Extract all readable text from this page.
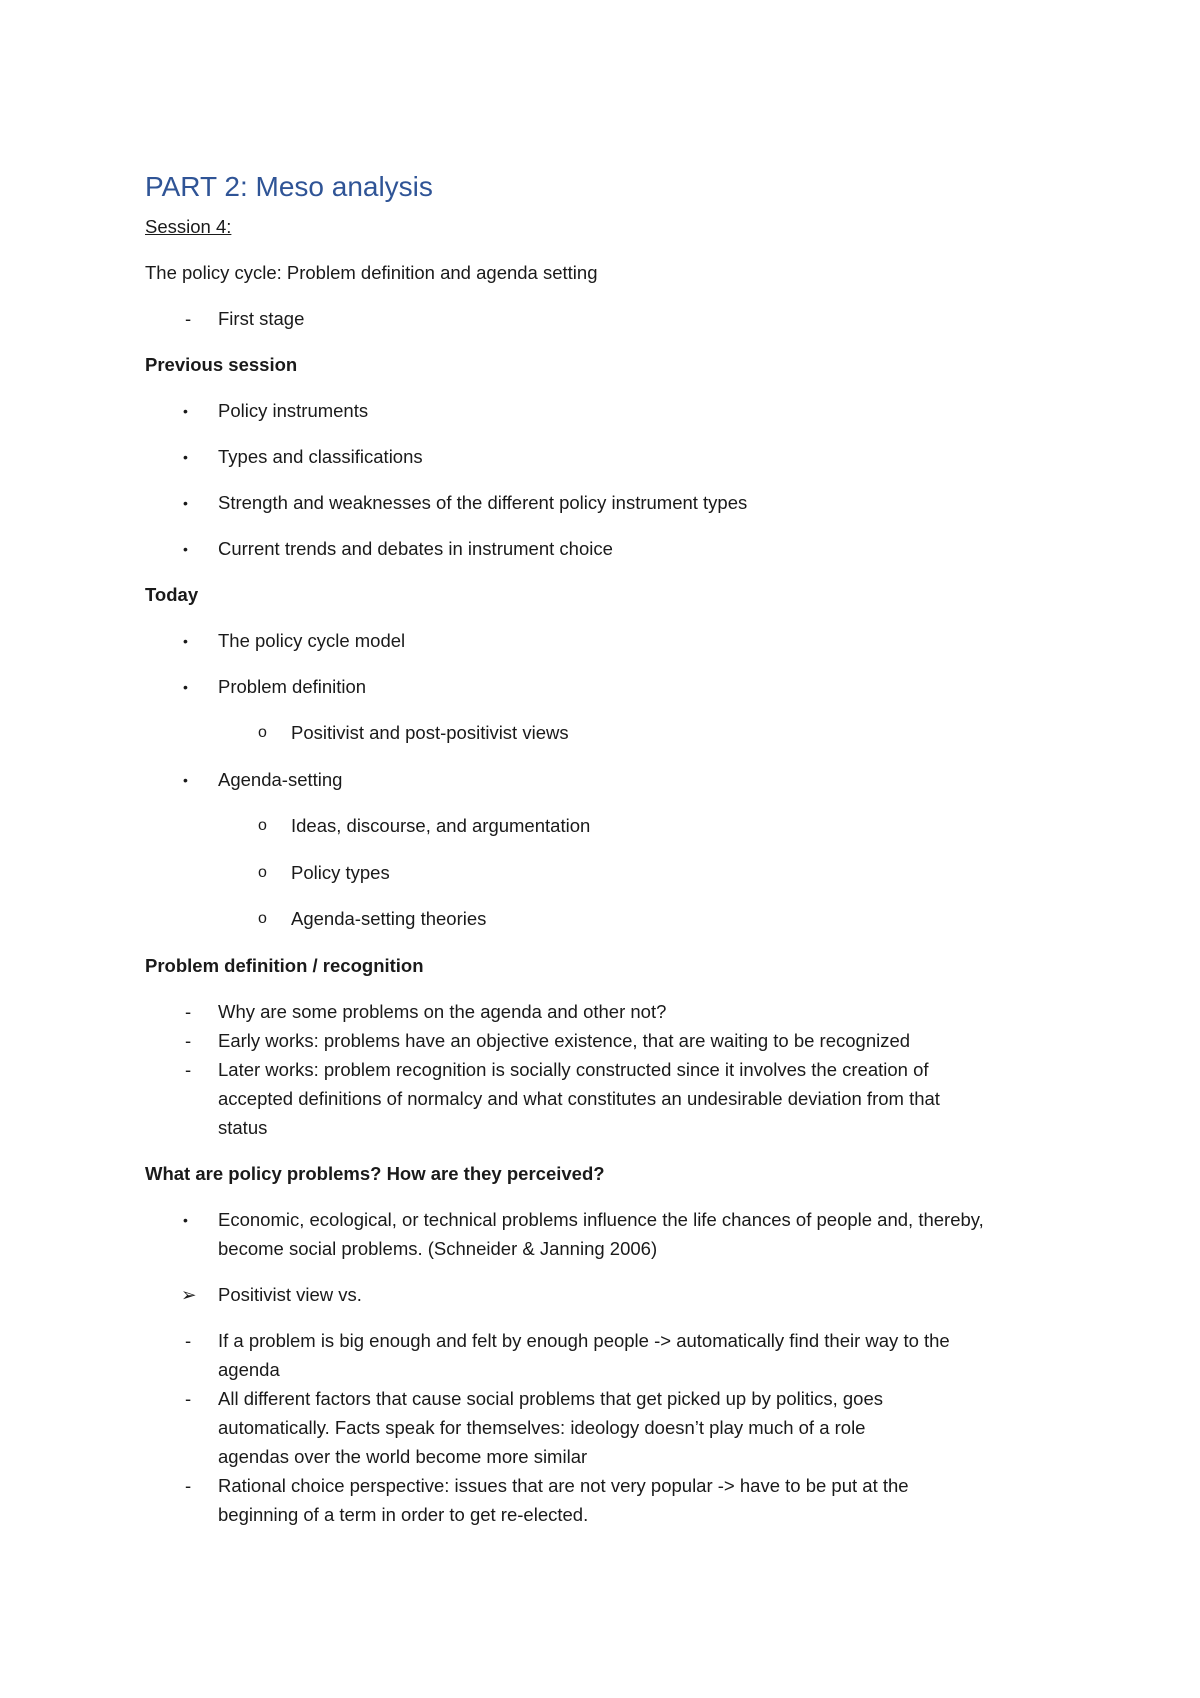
PART 2: Meso analysis
Session 4:
The policy cycle: Problem definition and agenda setting
- First stage
Previous session
• Policy instruments
• Types and classifications
• Strength and weaknesses of the different policy instrument types
• Current trends and debates in instrument choice
Today
• The policy cycle model
• Problem definition
o Positivist and post-positivist views
• Agenda-setting
o Ideas, discourse, and argumentation
o Policy types
o Agenda-setting theories
Problem definition / recognition
- Why are some problems on the agenda and other not?
- Early works: problems have an objective existence, that are waiting to be recognized
- Later works: problem recognition is socially constructed since it involves the creation of
accepted definitions of normalcy and what constitutes an undesirable deviation from that
status
What are policy problems? How are they perceived?
• Economic, ecological, or technical problems influence the life chances of people and, thereby,
become social problems. (Schneider & Janning 2006)
➢ Positivist view vs.
- If a problem is big enough and felt by enough people -> automatically find their way to the
agenda
- All different factors that cause social problems that get picked up by politics, goes
automatically. Facts speak for themselves: ideology doesn’t play much of a role
agendas over the world become more similar
- Rational choice perspective: issues that are not very popular -> have to be put at the
beginning of a term in order to get re-elected.
